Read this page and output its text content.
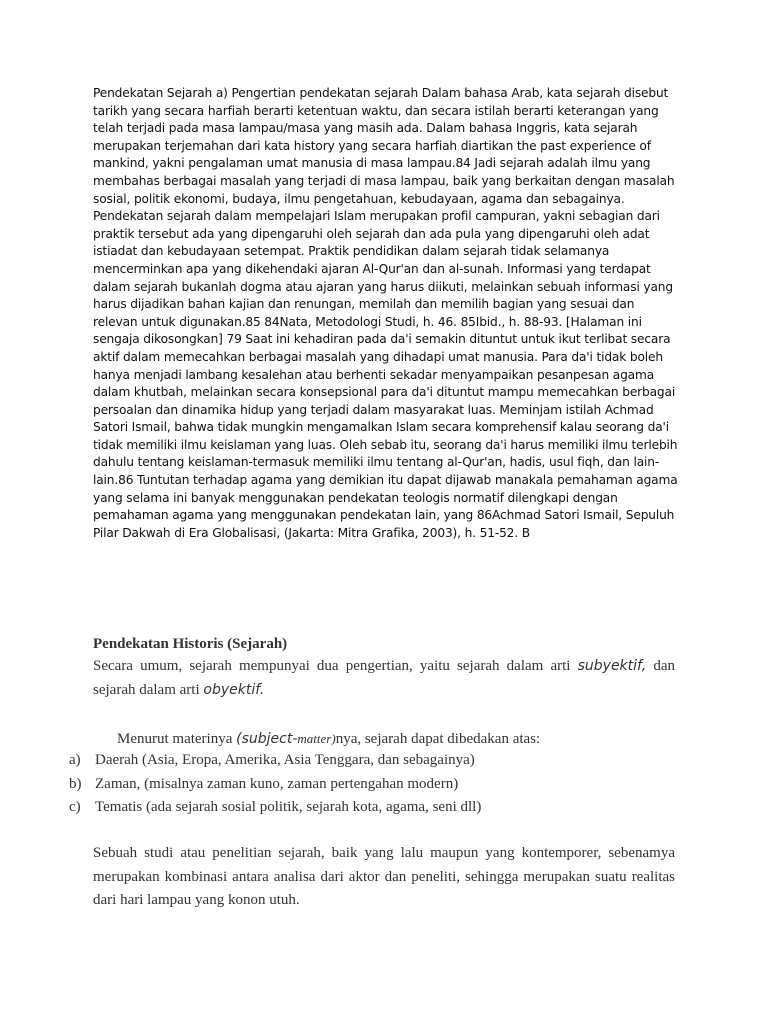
Pendekatan Sejarah a) Pengertian pendekatan sejarah Dalam bahasa Arab, kata sejarah disebut tarikh yang secara harfiah berarti ketentuan waktu, dan secara istilah berarti keterangan yang telah terjadi pada masa lampau/masa yang masih ada. Dalam bahasa Inggris, kata sejarah merupakan terjemahan dari kata history yang secara harfiah diartikan the past experience of mankind, yakni pengalaman umat manusia di masa lampau.84 Jadi sejarah adalah ilmu yang membahas berbagai masalah yang terjadi di masa lampau, baik yang berkaitan dengan masalah sosial, politik ekonomi, budaya, ilmu pengetahuan, kebudayaan, agama dan sebagainya. Pendekatan sejarah dalam mempelajari Islam merupakan profil campuran, yakni sebagian dari praktik tersebut ada yang dipengaruhi oleh sejarah dan ada pula yang dipengaruhi oleh adat istiadat dan kebudayaan setempat. Praktik pendidikan dalam sejarah tidak selamanya mencerminkan apa yang dikehendaki ajaran Al-Qur'an dan al-sunah. Informasi yang terdapat dalam sejarah bukanlah dogma atau ajaran yang harus diikuti, melainkan sebuah informasi yang harus dijadikan bahan kajian dan renungan, memilah dan memilih bagian yang sesuai dan relevan untuk digunakan.85 84Nata, Metodologi Studi, h. 46. 85Ibid., h. 88-93. [Halaman ini sengaja dikosongkan] 79 Saat ini kehadiran pada da'i semakin dituntut untuk ikut terlibat secara aktif dalam memecahkan berbagai masalah yang dihadapi umat manusia. Para da'i tidak boleh hanya menjadi lambang kesalehan atau berhenti sekadar menyampaikan pesanpesan agama dalam khutbah, melainkan secara konsepsional para da'i dituntut mampu memecahkan berbagai persoalan dan dinamika hidup yang terjadi dalam masyarakat luas. Meminjam istilah Achmad Satori Ismail, bahwa tidak mungkin mengamalkan Islam secara komprehensif kalau seorang da'i tidak memiliki ilmu keislaman yang luas. Oleh sebab itu, seorang da'i harus memiliki ilmu terlebih dahulu tentang keislaman-termasuk memiliki ilmu tentang al-Qur'an, hadis, usul fiqh, dan lain-lain.86 Tuntutan terhadap agama yang demikian itu dapat dijawab manakala pemahaman agama yang selama ini banyak menggunakan pendekatan teologis normatif dilengkapi dengan pemahaman agama yang menggunakan pendekatan lain, yang 86Achmad Satori Ismail, Sepuluh Pilar Dakwah di Era Globalisasi, (Jakarta: Mitra Grafika, 2003), h. 51-52. B

Pendekatan Historis (Sejarah)

Secara umum, sejarah mempunyai dua pengertian, yaitu sejarah dalam arti subyektif, dan sejarah dalam arti obyektif.

Menurut materinya (subject-matter)nya, sejarah dapat dibedakan atas:

a) Daerah (Asia, Eropa, Amerika, Asia Tenggara, dan sebagainya)
b) Zaman, (misalnya zaman kuno, zaman pertengahan modern)
c) Tematis (ada sejarah sosial politik, sejarah kota, agama, seni dll)

Sebuah studi atau penelitian sejarah, baik yang lalu maupun yang kontemporer, sebenamya merupakan kombinasi antara analisa dari aktor dan peneliti, sehingga merupakan suatu realitas dari hari lampau yang konon utuh.
